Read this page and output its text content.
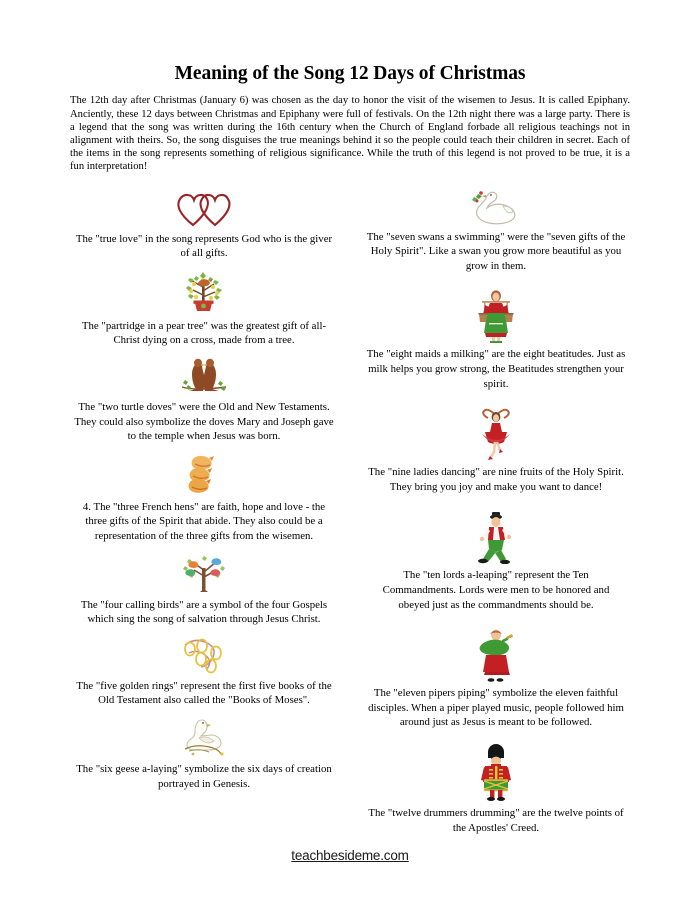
Meaning of the Song 12 Days of Christmas

The 12th day after Christmas (January 6) was chosen as the day to honor the visit of the wisemen to Jesus. It is called Epiphany. Anciently, these 12 days between Christmas and Epiphany were full of festivals. On the 12th night there was a large party. There is a legend that the song was written during the 16th century when the Church of England forbade all religious teachings not in alignment with theirs. So, the song disguises the true meanings behind it so the people could teach their children in secret. Each of the items in the song represents something of religious significance. While the truth of this legend is not proved to be true, it is a fun interpretation!

The "true love" in the song represents God who is the giver of all gifts.
The "partridge in a pear tree" was the greatest gift of all- Christ dying on a cross, made from a tree.
The "two turtle doves" were the Old and New Testaments. They could also symbolize the doves Mary and Joseph gave to the temple when Jesus was born.
4. The "three French hens" are faith, hope and love - the three gifts of the Spirit that abide. They also could be a representation of the three gifts from the wisemen.
The "four calling birds" are a symbol of the four Gospels which sing the song of salvation through Jesus Christ.
The "five golden rings" represent the first five books of the Old Testament also called the "Books of Moses".
The "six geese a-laying" symbolize the six days of creation portrayed in Genesis.
The "seven swans a swimming" were the "seven gifts of the Holy Spirit". Like a swan you grow more beautiful as you grow in them.
The "eight maids a milking" are the eight beatitudes. Just as milk helps you grow strong, the Beatitudes strengthen your spirit.
The "nine ladies dancing" are nine fruits of the Holy Spirit. They bring you joy and make you want to dance!
The "ten lords a-leaping" represent the Ten Commandments. Lords were men to be honored and obeyed just as the commandments should be.
The "eleven pipers piping" symbolize the eleven faithful disciples. When a piper played music, people followed him around just as Jesus is meant to be followed.
The "twelve drummers drumming" are the twelve points of the Apostles' Creed.
teachbesideme.com
